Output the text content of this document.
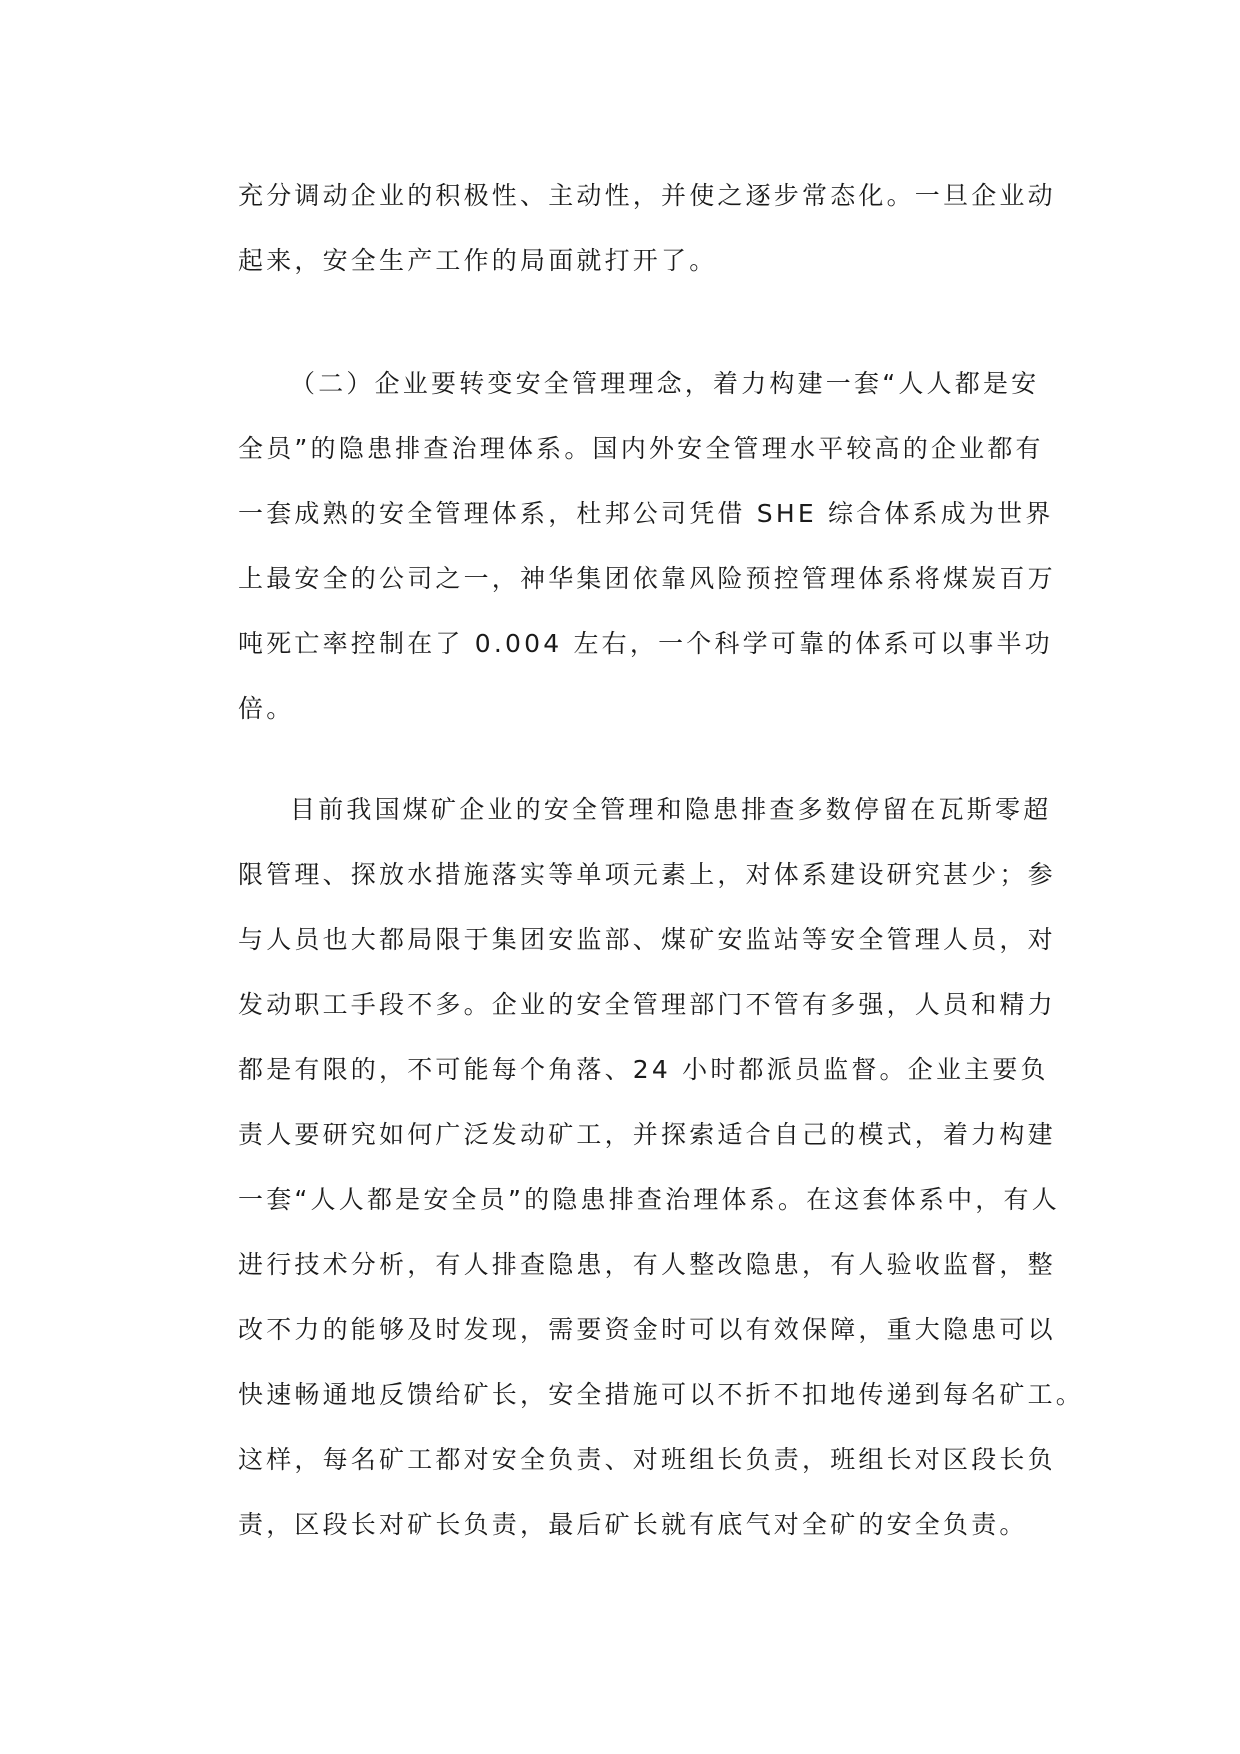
充分调动企业的积极性、主动性，并使之逐步常态化。一旦企业动
起来，安全生产工作的局面就打开了。
（二）企业要转变安全管理理念，着力构建一套“人人都是安
全员”的隐患排查治理体系。国内外安全管理水平较高的企业都有
一套成熟的安全管理体系，杜邦公司凭借 SHE 综合体系成为世界
上最安全的公司之一，神华集团依靠风险预控管理体系将煤炭百万
吨死亡率控制在了 0.004 左右，一个科学可靠的体系可以事半功
倍。
目前我国煤矿企业的安全管理和隐患排查多数停留在瓦斯零超
限管理、探放水措施落实等单项元素上，对体系建设研究甚少；参
与人员也大都局限于集团安监部、煤矿安监站等安全管理人员，对
发动职工手段不多。企业的安全管理部门不管有多强，人员和精力
都是有限的，不可能每个角落、24 小时都派员监督。企业主要负
责人要研究如何广泛发动矿工，并探索适合自己的模式，着力构建
一套“人人都是安全员”的隐患排查治理体系。在这套体系中，有人
进行技术分析，有人排查隐患，有人整改隐患，有人验收监督，整
改不力的能够及时发现，需要资金时可以有效保障，重大隐患可以
快速畅通地反馈给矿长，安全措施可以不折不扣地传递到每名矿工。
这样，每名矿工都对安全负责、对班组长负责，班组长对区段长负
责，区段长对矿长负责，最后矿长就有底气对全矿的安全负责。
